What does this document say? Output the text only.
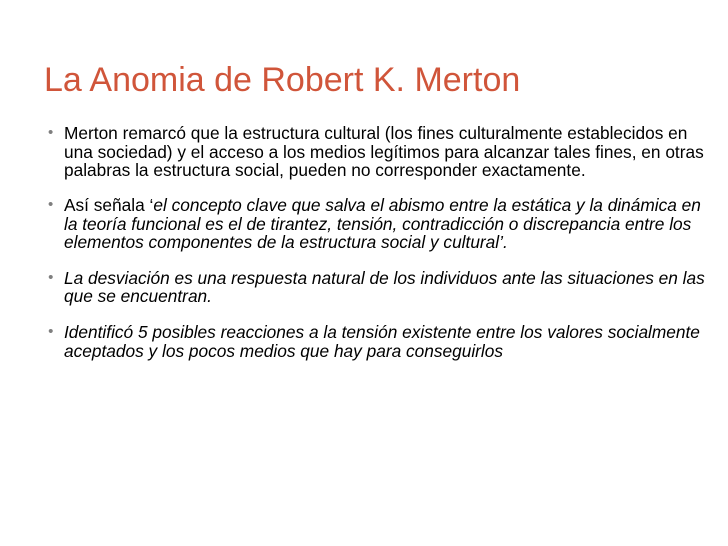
La Anomia de Robert K. Merton
• Merton remarcó que la estructura cultural (los fines culturalmente establecidos en una sociedad) y el acceso a los medios legítimos para alcanzar tales fines, en otras palabras la estructura social, pueden no corresponder exactamente.
• Así señala ‘el concepto clave que salva el abismo entre la estática y la dinámica en la teoría funcional es el de tirantez, tensión, contradicción o discrepancia entre los elementos componentes de la estructura social y cultural’.
• La desviación es una respuesta natural de los individuos ante las situaciones en las que se encuentran.
• Identificó 5 posibles reacciones a la tensión existente entre los valores socialmente aceptados y los pocos medios que hay para conseguirlos
